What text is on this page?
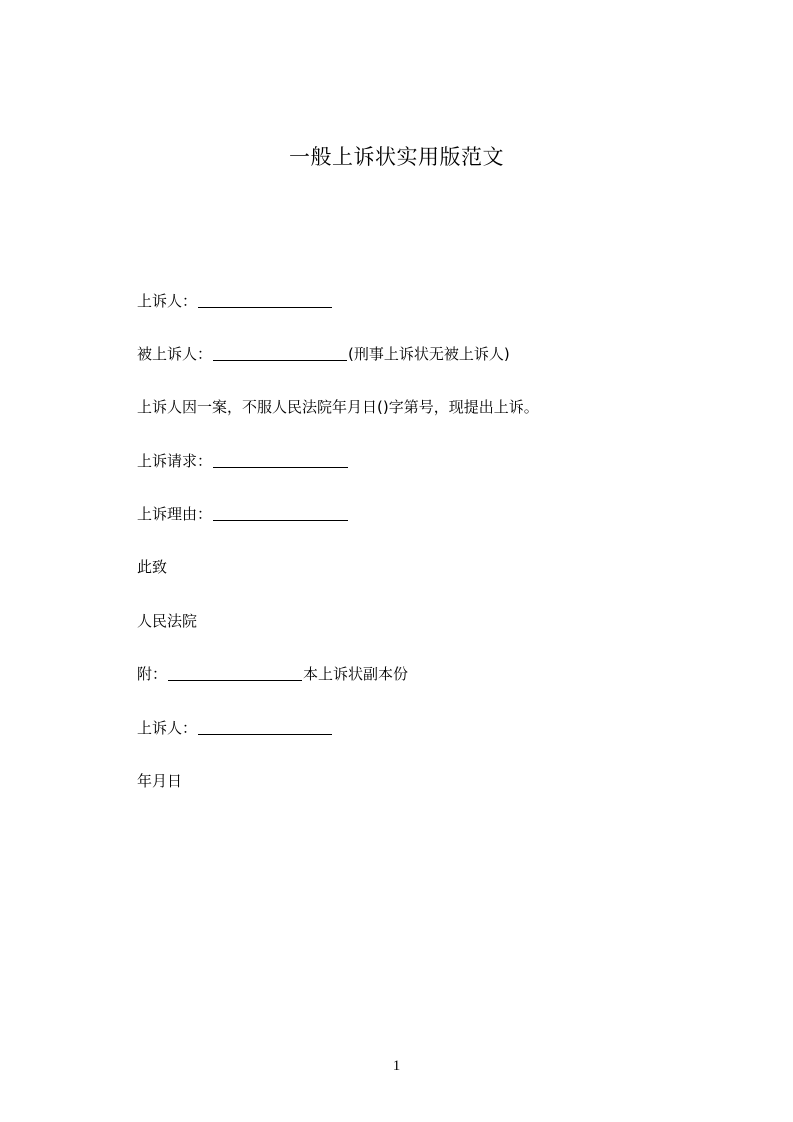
一般上诉状实用版范文
上诉人：
被上诉人：	(刑事上诉状无被上诉人)
上诉人因一案，不服人民法院年月日()字第号，现提出上诉。
上诉请求：
上诉理由：
此致
人民法院
附：	本上诉状副本份
上诉人：
年月日
1
